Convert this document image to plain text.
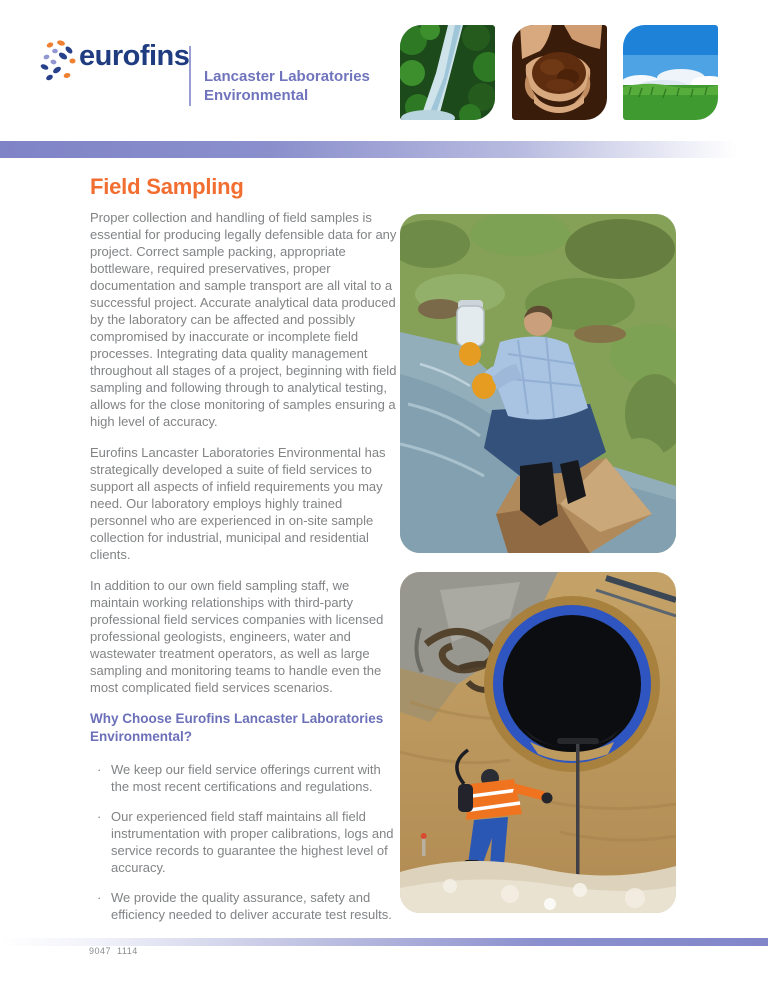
eurofins
Lancaster Laboratories
Environmental
Field Sampling

Proper collection and handling of field samples is essential for producing legally defensible data for any project. Correct sample packing, appropriate bottleware, required preservatives, proper documentation and sample transport are all vital to a successful project. Accurate analytical data produced by the laboratory can be affected and possibly compromised by inaccurate or incomplete field processes. Integrating data quality management throughout all stages of a project, beginning with field sampling and following through to analytical testing, allows for the close monitoring of samples ensuring a high level of accuracy.

Eurofins Lancaster Laboratories Environmental has strategically developed a suite of field services to support all aspects of infield requirements you may need. Our laboratory employs highly trained personnel who are experienced in on-site sample collection for industrial, municipal and residential clients.

In addition to our own field sampling staff, we maintain working relationships with third-party professional field services companies with licensed professional geologists, engineers, water and wastewater treatment operators, as well as large sampling and monitoring teams to handle even the most complicated field services scenarios.

Why Choose Eurofins Lancaster Laboratories Environmental?
· We keep our field service offerings current with the most recent certifications and regulations.
· Our experienced field staff maintains all field instrumentation with proper calibrations, logs and service records to guarantee the highest level of accuracy.
· We provide the quality assurance, safety and efficiency needed to deliver accurate test results.
9047  1114
